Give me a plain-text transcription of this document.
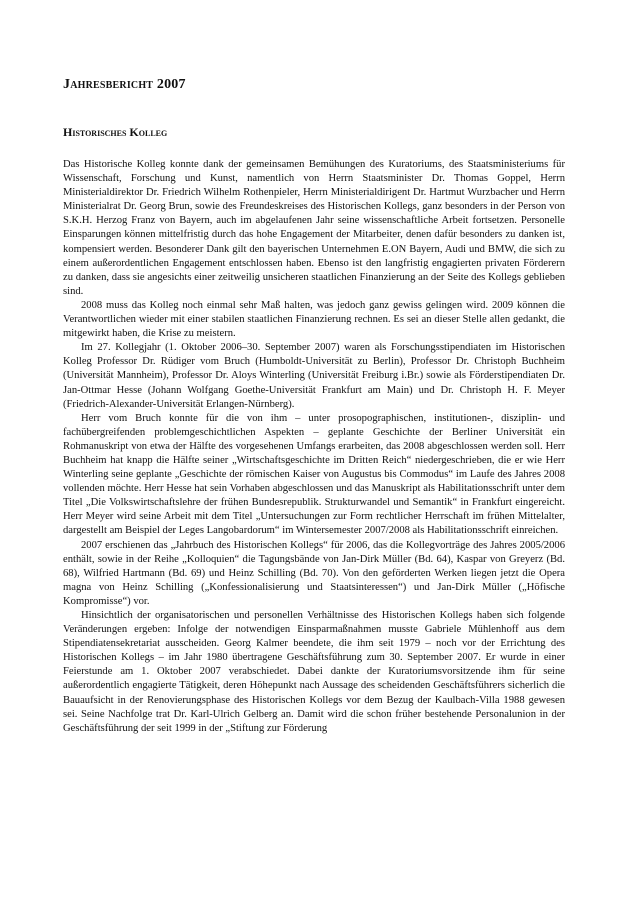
Jahresbericht 2007
Historisches Kolleg

Das Historische Kolleg konnte dank der gemeinsamen Bemühungen des Kuratoriums, des Staatsministeriums für Wissenschaft, Forschung und Kunst, namentlich von Herrn Staatsminister Dr. Thomas Goppel, Herrn Ministerialdirektor Dr. Friedrich Wilhelm Rothenpieler, Herrn Ministerialdirigent Dr. Hartmut Wurzbacher und Herrn Ministerialrat Dr. Georg Brun, sowie des Freundeskreises des Historischen Kollegs, ganz besonders in der Person von S.K.H. Herzog Franz von Bayern, auch im abgelaufenen Jahr seine wissenschaftliche Arbeit fortsetzen. Personelle Einsparungen können mittelfristig durch das hohe Engagement der Mitarbeiter, denen dafür besonders zu danken ist, kompensiert werden. Besonderer Dank gilt den bayerischen Unternehmen E.ON Bayern, Audi und BMW, die sich zu einem außerordentlichen Engagement entschlossen haben. Ebenso ist den langfristig engagierten privaten Förderern zu danken, dass sie angesichts einer zeitweilig unsicheren staatlichen Finanzierung an der Seite des Kollegs geblieben sind.

2008 muss das Kolleg noch einmal sehr Maß halten, was jedoch ganz gewiss gelingen wird. 2009 können die Verantwortlichen wieder mit einer stabilen staatlichen Finanzierung rechnen. Es sei an dieser Stelle allen gedankt, die mitgewirkt haben, die Krise zu meistern.

Im 27. Kollegjahr (1. Oktober 2006–30. September 2007) waren als Forschungsstipendiaten im Historischen Kolleg Professor Dr. Rüdiger vom Bruch (Humboldt-Universität zu Berlin), Professor Dr. Christoph Buchheim (Universität Mannheim), Professor Dr. Aloys Winterling (Universität Freiburg i.Br.) sowie als Förderstipendiaten Dr. Jan-Ottmar Hesse (Johann Wolfgang Goethe-Universität Frankfurt am Main) und Dr. Christoph H. F. Meyer (Friedrich-Alexander-Universität Erlangen-Nürnberg).

Herr vom Bruch konnte für die von ihm – unter prosopographischen, institutionen-, disziplin- und fachübergreifenden problemgeschichtlichen Aspekten – geplante Geschichte der Berliner Universität ein Rohmanuskript von etwa der Hälfte des vorgesehenen Umfangs erarbeiten, das 2008 abgeschlossen werden soll. Herr Buchheim hat knapp die Hälfte seiner „Wirtschaftsgeschichte im Dritten Reich“ niedergeschrieben, die er wie Herr Winterling seine geplante „Geschichte der römischen Kaiser von Augustus bis Commodus“ im Laufe des Jahres 2008 vollenden möchte. Herr Hesse hat sein Vorhaben abgeschlossen und das Manuskript als Habilitationsschrift unter dem Titel „Die Volkswirtschaftslehre der frühen Bundesrepublik. Strukturwandel und Semantik“ in Frankfurt eingereicht. Herr Meyer wird seine Arbeit mit dem Titel „Untersuchungen zur Form rechtlicher Herrschaft im frühen Mittelalter, dargestellt am Beispiel der Leges Langobardorum“ im Wintersemester 2007/2008 als Habilitationsschrift einreichen.

2007 erschienen das „Jahrbuch des Historischen Kollegs“ für 2006, das die Kollegvorträge des Jahres 2005/2006 enthält, sowie in der Reihe „Kolloquien“ die Tagungsbände von Jan-Dirk Müller (Bd. 64), Kaspar von Greyerz (Bd. 68), Wilfried Hartmann (Bd. 69) und Heinz Schilling (Bd. 70). Von den geförderten Werken liegen jetzt die Opera magna von Heinz Schilling („Konfessionalisierung und Staatsinteressen“) und Jan-Dirk Müller („Höfische Kompromisse“) vor.

Hinsichtlich der organisatorischen und personellen Verhältnisse des Historischen Kollegs haben sich folgende Veränderungen ergeben: Infolge der notwendigen Einsparmaßnahmen musste Gabriele Mühlenhoff aus dem Stipendiatensekretariat ausscheiden. Georg Kalmer beendete, die ihm seit 1979 – noch vor der Errichtung des Historischen Kollegs – im Jahr 1980 übertragene Geschäftsführung zum 30. September 2007. Er wurde in einer Feierstunde am 1. Oktober 2007 verabschiedet. Dabei dankte der Kuratoriumsvorsitzende ihm für seine außerordentlich engagierte Tätigkeit, deren Höhepunkt nach Aussage des scheidenden Geschäftsführers sicherlich die Bauaufsicht in der Renovierungsphase des Historischen Kollegs vor dem Bezug der Kaulbach-Villa 1988 gewesen sei. Seine Nachfolge trat Dr. Karl-Ulrich Gelberg an. Damit wird die schon früher bestehende Personalunion in der Geschäftsführung der seit 1999 in der „Stiftung zur Förderung
